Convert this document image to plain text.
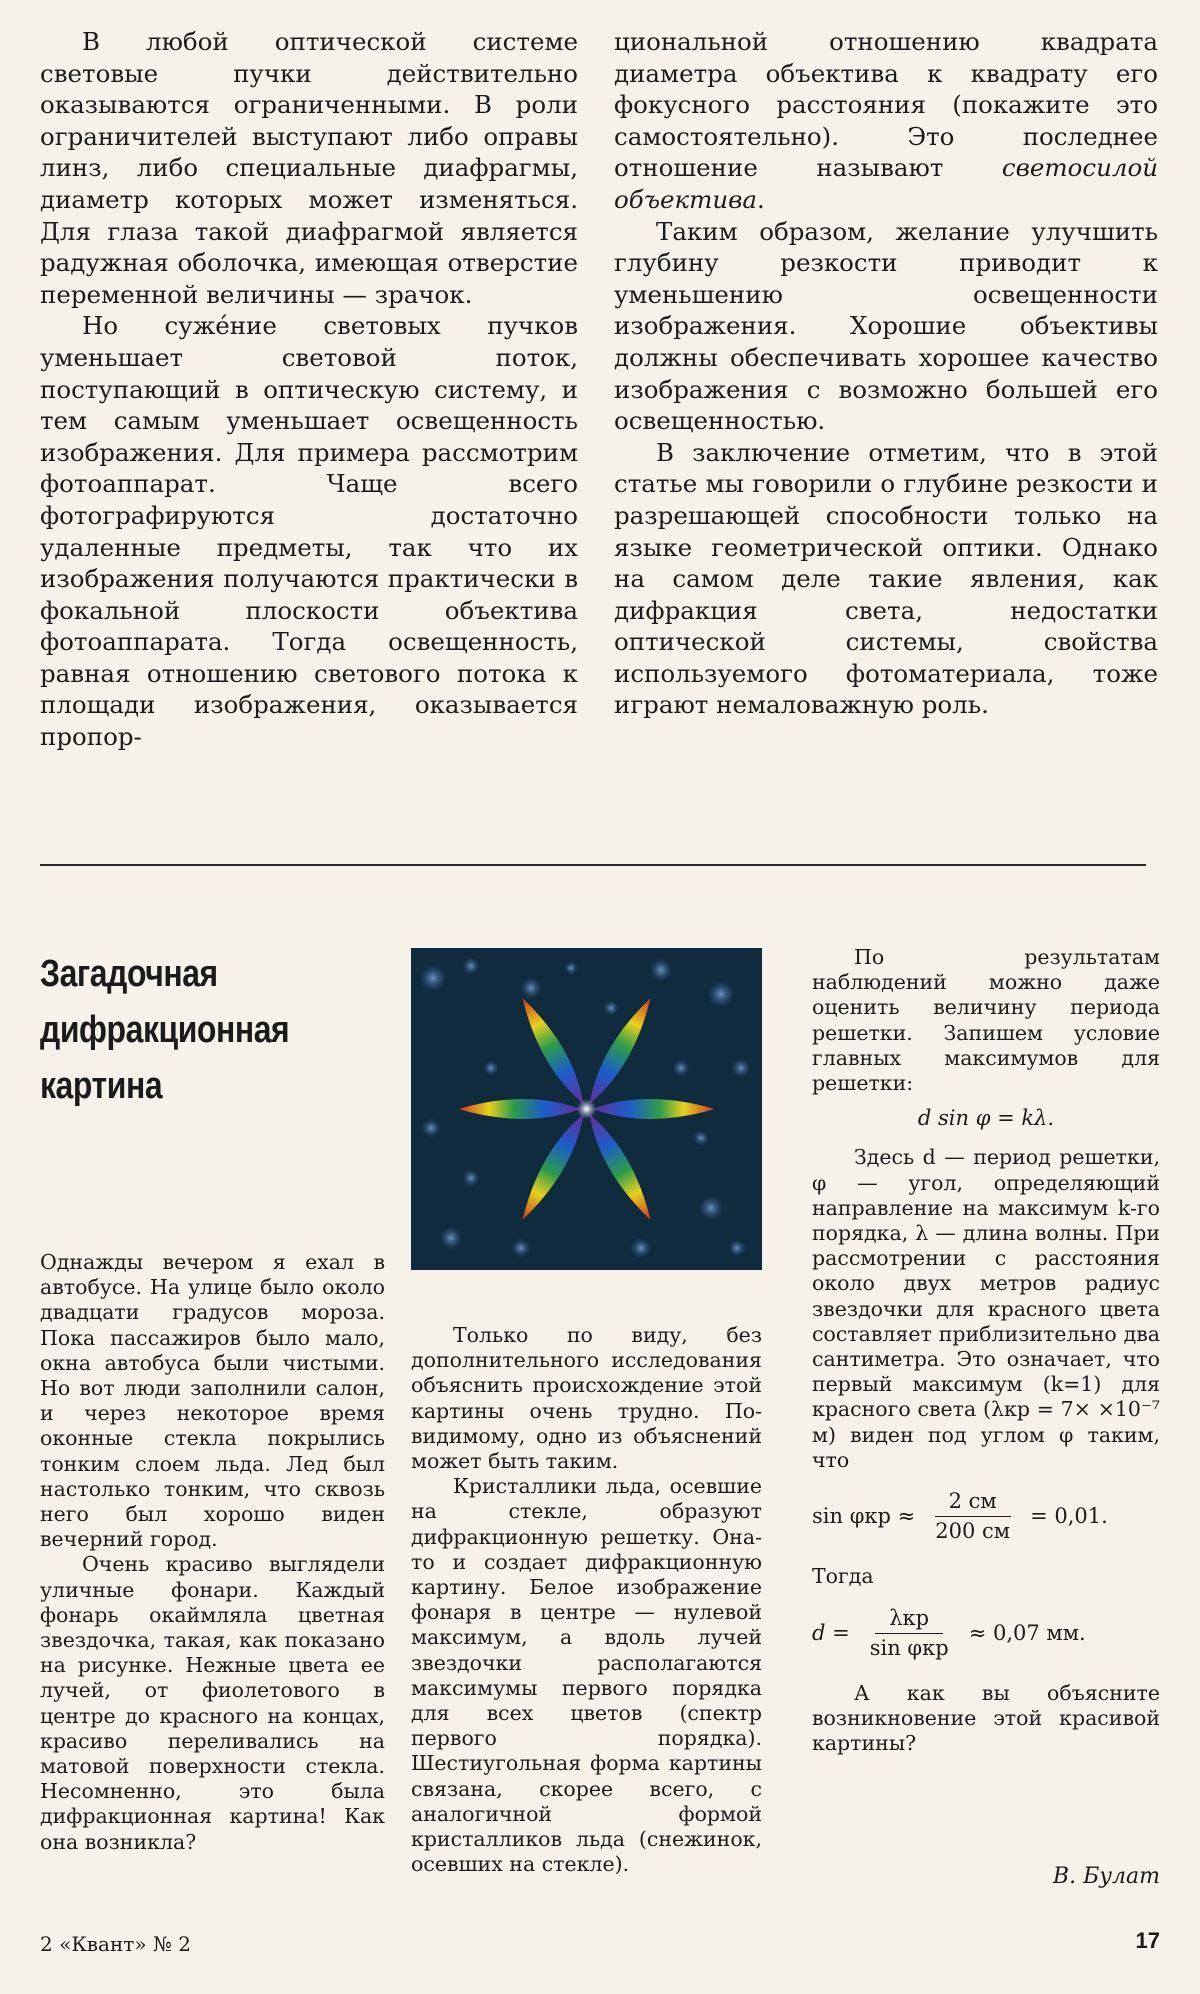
В любой оптической системе световые пучки действительно оказываются ограниченными. В роли ограничителей выступают либо оправы линз, либо специальные диафрагмы, диаметр которых может изменяться. Для глаза такой диафрагмой является радужная оболочка, имеющая отверстие переменной величины — зрачок.

Но суже́ние световых пучков уменьшает световой поток, поступающий в оптическую систему, и тем самым уменьшает освещенность изображения. Для примера рассмотрим фотоаппарат. Чаще всего фотографируются достаточно удаленные предметы, так что их изображения получаются практически в фокальной плоскости объектива фотоаппарата. Тогда освещенность, равная отношению светового потока к площади изображения, оказывается пропор-

циональной отношению квадрата диаметра объектива к квадрату его фокусного расстояния (покажите это самостоятельно). Это последнее отношение называют светосилой объектива.

Таким образом, желание улучшить глубину резкости приводит к уменьшению освещенности изображения. Хорошие объективы должны обеспечивать хорошее качество изображения с возможно большей его освещенностью.

В заключение отметим, что в этой статье мы говорили о глубине резкости и разрешающей способности только на языке геометрической оптики. Однако на самом деле такие явления, как дифракция света, недостатки оптической системы, свойства используемого фотоматериала, тоже играют немаловажную роль.

Загадочная
дифракционная
картина

Однажды вечером я ехал в автобусе. На улице было около двадцати градусов мороза. Пока пассажиров было мало, окна автобуса были чистыми. Но вот люди заполнили салон, и через некоторое время оконные стекла покрылись тонким слоем льда. Лед был настолько тонким, что сквозь него был хорошо виден вечерний город.

Очень красиво выглядели уличные фонари. Каждый фонарь окаймляла цветная звездочка, такая, как показано на рисунке. Нежные цвета ее лучей, от фиолетового в центре до красного на концах, красиво переливались на матовой поверхности стекла. Несомненно, это была дифракционная картина! Как она возникла?

Только по виду, без дополнительного исследования объяснить происхождение этой картины очень трудно. По-видимому, одно из объяснений может быть таким.

Кристаллики льда, осевшие на стекле, образуют дифракционную решетку. Она-то и создает дифракционную картину. Белое изображение фонаря в центре — нулевой максимум, а вдоль лучей звездочки располагаются максимумы первого порядка для всех цветов (спектр первого порядка). Шестиугольная форма картины связана, скорее всего, с аналогичной формой кристалликов льда (снежинок, осевших на стекле).

По результатам наблюдений можно даже оценить величину периода решетки. Запишем условие главных максимумов для решетки:

d sin φ = kλ.

Здесь d — период решетки, φ — угол, определяющий направление на максимум k-го порядка, λ — длина волны. При рассмотрении с расстояния около двух метров радиус звездочки для красного цвета составляет приблизительно два сантиметра. Это означает, что первый максимум (k=1) для красного света (λкр = 7× ×10⁻⁷ м) виден под углом φ таким, что

$\sin \varphi кр \approx \frac{2 см}{200 см} = 0,01$.

Тогда

$d = \frac{\text{λкр}}{\text{sin φкр}} \approx 0,07$ мм.

А как вы объясните возникновение этой красивой картины?

В. Булат
2 «Квант» № 2	17
